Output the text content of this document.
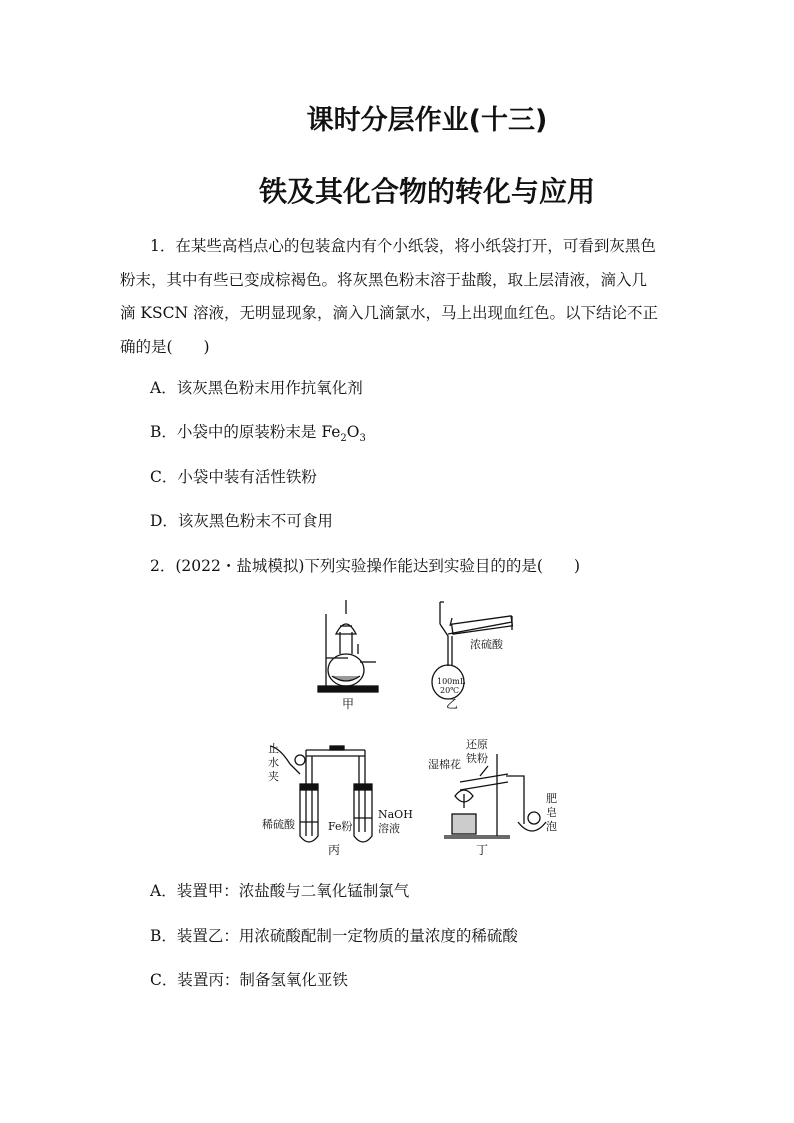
课时分层作业(十三)
铁及其化合物的转化与应用
1．在某些高档点心的包装盒内有个小纸袋，将小纸袋打开，可看到灰黑色
粉末，其中有些已变成棕褐色。将灰黑色粉末溶于盐酸，取上层清液，滴入几
滴 KSCN 溶液，无明显现象，滴入几滴氯水，马上出现血红色。以下结论不正
确的是(　　)
A．该灰黑色粉末用作抗氧化剂
B．小袋中的原装粉末是 $Fe_2O_3$
C．小袋中装有活性铁粉
D．该灰黑色粉末不可食用
2．(2022・盐城模拟)下列实验操作能达到实验目的的是(　　)
甲	乙
浓硫酸
100mL
20℃
止
水
夹
稀硫酸	Fe粉
NaOH
溶液
丙
湿棉花
还原
铁粉
肥
皂
泡
丁
A．装置甲：浓盐酸与二氧化锰制氯气
B．装置乙：用浓硫酸配制一定物质的量浓度的稀硫酸
C．装置丙：制备氢氧化亚铁
